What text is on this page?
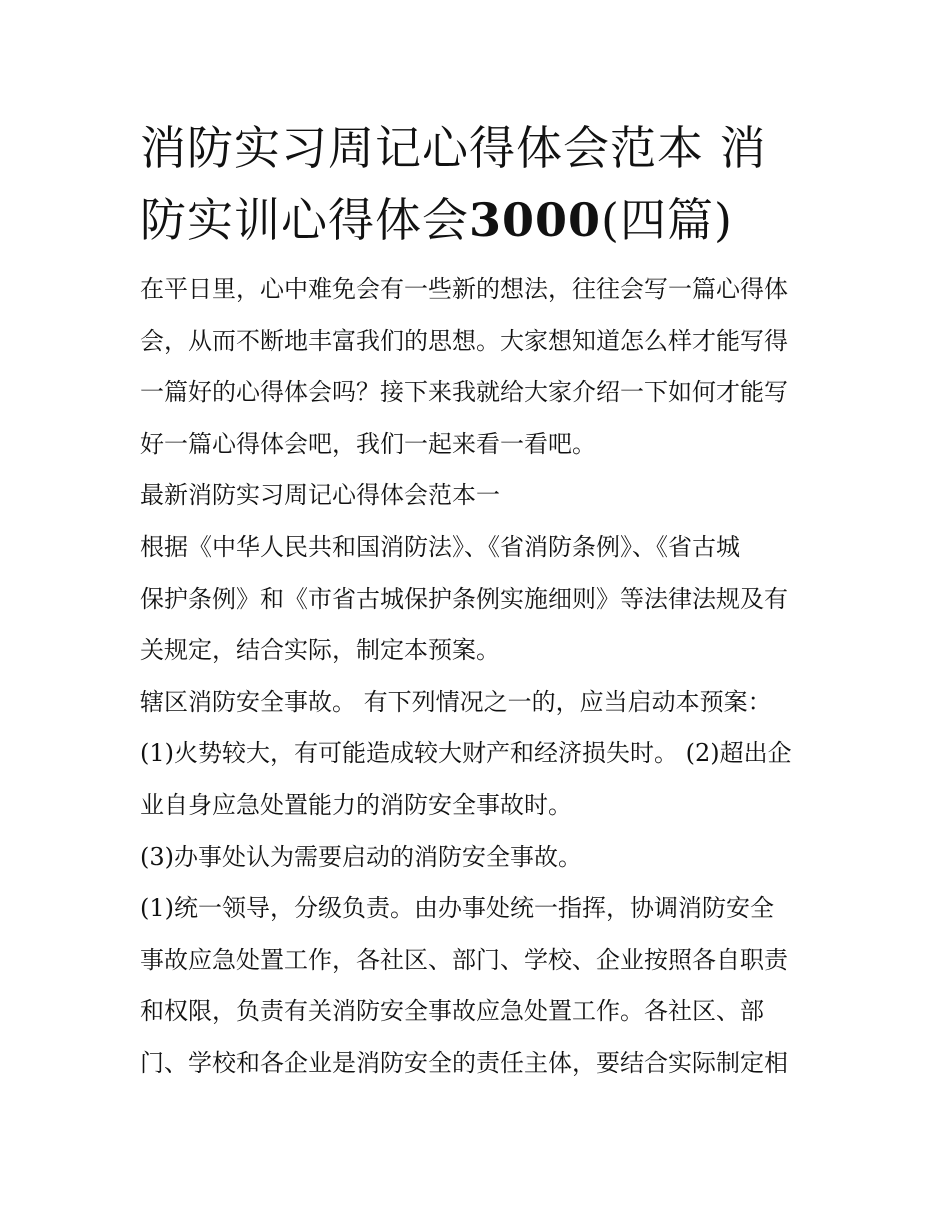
消防实习周记心得体会范本 消
防实训心得体会3000(四篇)
在平日里，心中难免会有一些新的想法，往往会写一篇心得体
会，从而不断地丰富我们的思想。大家想知道怎么样才能写得
一篇好的心得体会吗？接下来我就给大家介绍一下如何才能写
好一篇心得体会吧，我们一起来看一看吧。
最新消防实习周记心得体会范本一
根据《中华人民共和国消防法》、《省消防条例》、《省古城
保护条例》和《市省古城保护条例实施细则》等法律法规及有
关规定，结合实际，制定本预案。
辖区消防安全事故。 有下列情况之一的，应当启动本预案：
(1)火势较大，有可能造成较大财产和经济损失时。 (2)超出企
业自身应急处置能力的消防安全事故时。
(3)办事处认为需要启动的消防安全事故。
(1)统一领导，分级负责。由办事处统一指挥，协调消防安全
事故应急处置工作，各社区、部门、学校、企业按照各自职责
和权限，负责有关消防安全事故应急处置工作。各社区、部
门、学校和各企业是消防安全的责任主体，要结合实际制定相
